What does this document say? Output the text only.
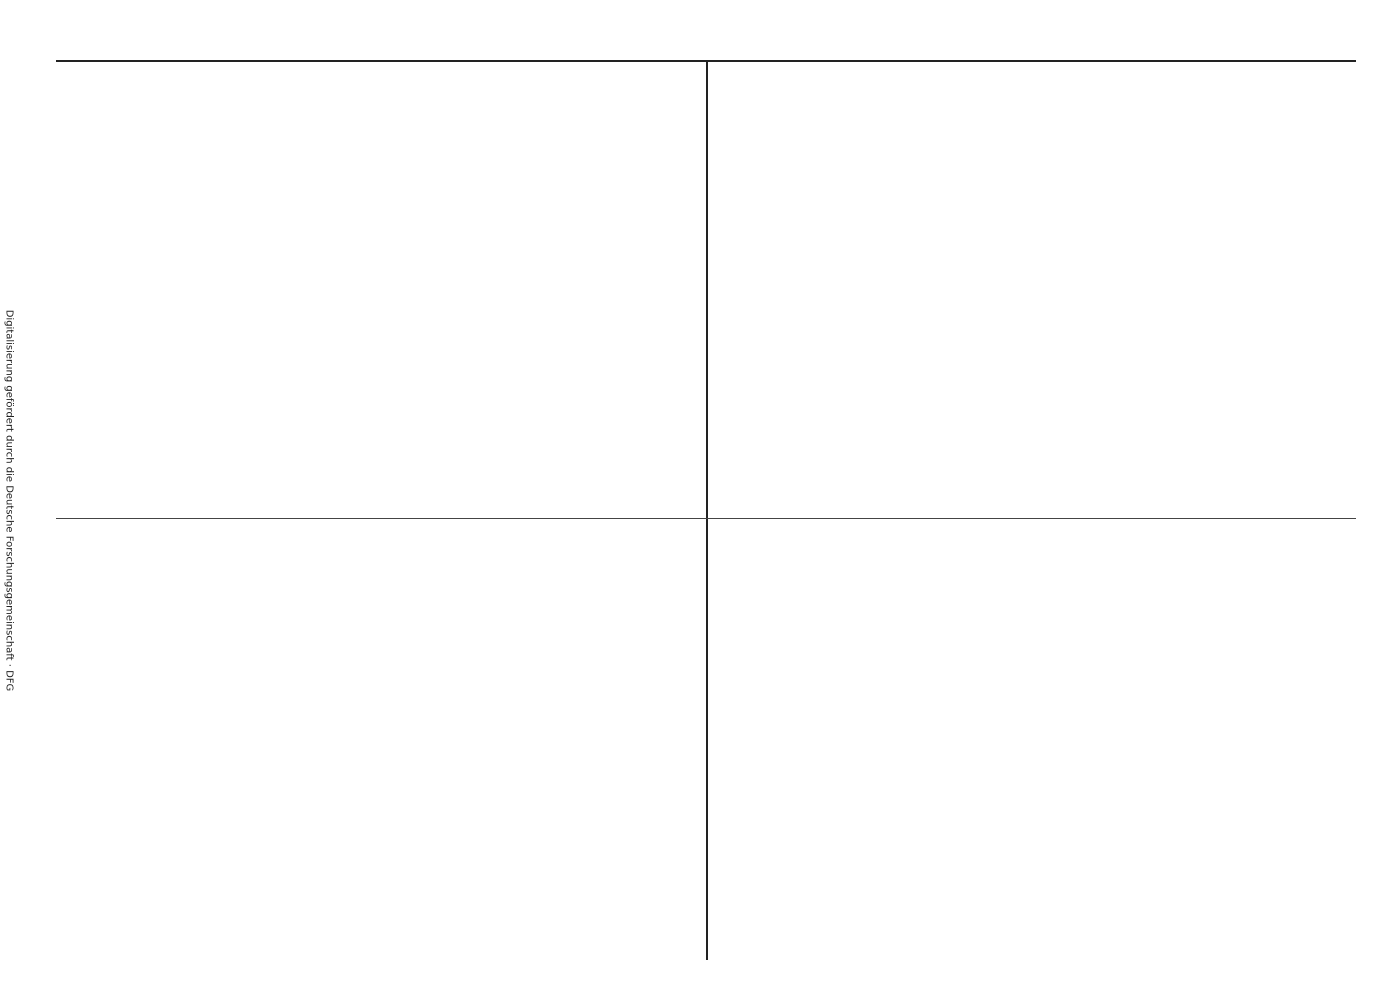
Digitalisierung gefördert durch die Deutsche Forschungsgemeinschaft · DFG
